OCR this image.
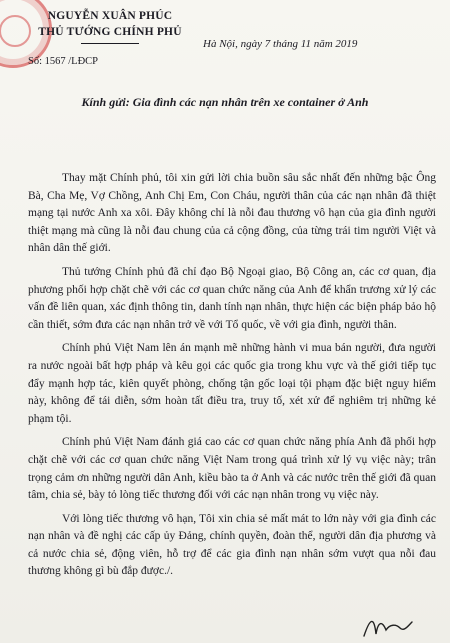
NGUYỄN XUÂN PHÚC
THỦ TƯỚNG CHÍNH PHỦ
Số: 1567 /LĐCP
Hà Nội, ngày 7 tháng 11 năm 2019
Kính gửi: Gia đình các nạn nhân trên xe container ở Anh

Thay mặt Chính phủ, tôi xin gửi lời chia buồn sâu sắc nhất đến những bậc Ông Bà, Cha Mẹ, Vợ Chồng, Anh Chị Em, Con Cháu, người thân của các nạn nhân đã thiệt mạng tại nước Anh xa xôi. Đây không chỉ là nỗi đau thương vô hạn của gia đình người thiệt mạng mà cũng là nỗi đau chung của cả cộng đồng, của từng trái tim người Việt và nhân dân thế giới.

Thủ tướng Chính phủ đã chỉ đạo Bộ Ngoại giao, Bộ Công an, các cơ quan, địa phương phối hợp chặt chẽ với các cơ quan chức năng của Anh để khẩn trương xử lý các vấn đề liên quan, xác định thông tin, danh tính nạn nhân, thực hiện các biện pháp bảo hộ cần thiết, sớm đưa các nạn nhân trở về với Tổ quốc, về với gia đình, người thân.

Chính phủ Việt Nam lên án mạnh mẽ những hành vi mua bán người, đưa người ra nước ngoài bất hợp pháp và kêu gọi các quốc gia trong khu vực và thế giới tiếp tục đẩy mạnh hợp tác, kiên quyết phòng, chống tận gốc loại tội phạm đặc biệt nguy hiểm này, không để tái diễn, sớm hoàn tất điều tra, truy tố, xét xử để nghiêm trị những kẻ phạm tội.

Chính phủ Việt Nam đánh giá cao các cơ quan chức năng phía Anh đã phối hợp chặt chẽ với các cơ quan chức năng Việt Nam trong quá trình xử lý vụ việc này; trân trọng cảm ơn những người dân Anh, kiều bào ta ở Anh và các nước trên thế giới đã quan tâm, chia sẻ, bày tỏ lòng tiếc thương đối với các nạn nhân trong vụ việc này.

Với lòng tiếc thương vô hạn, Tôi xin chia sẻ mất mát to lớn này với gia đình các nạn nhân và đề nghị các cấp ủy Đảng, chính quyền, đoàn thể, người dân địa phương và cả nước chia sẻ, động viên, hỗ trợ để các gia đình nạn nhân sớm vượt qua nỗi đau thương không gì bù đắp được./.
